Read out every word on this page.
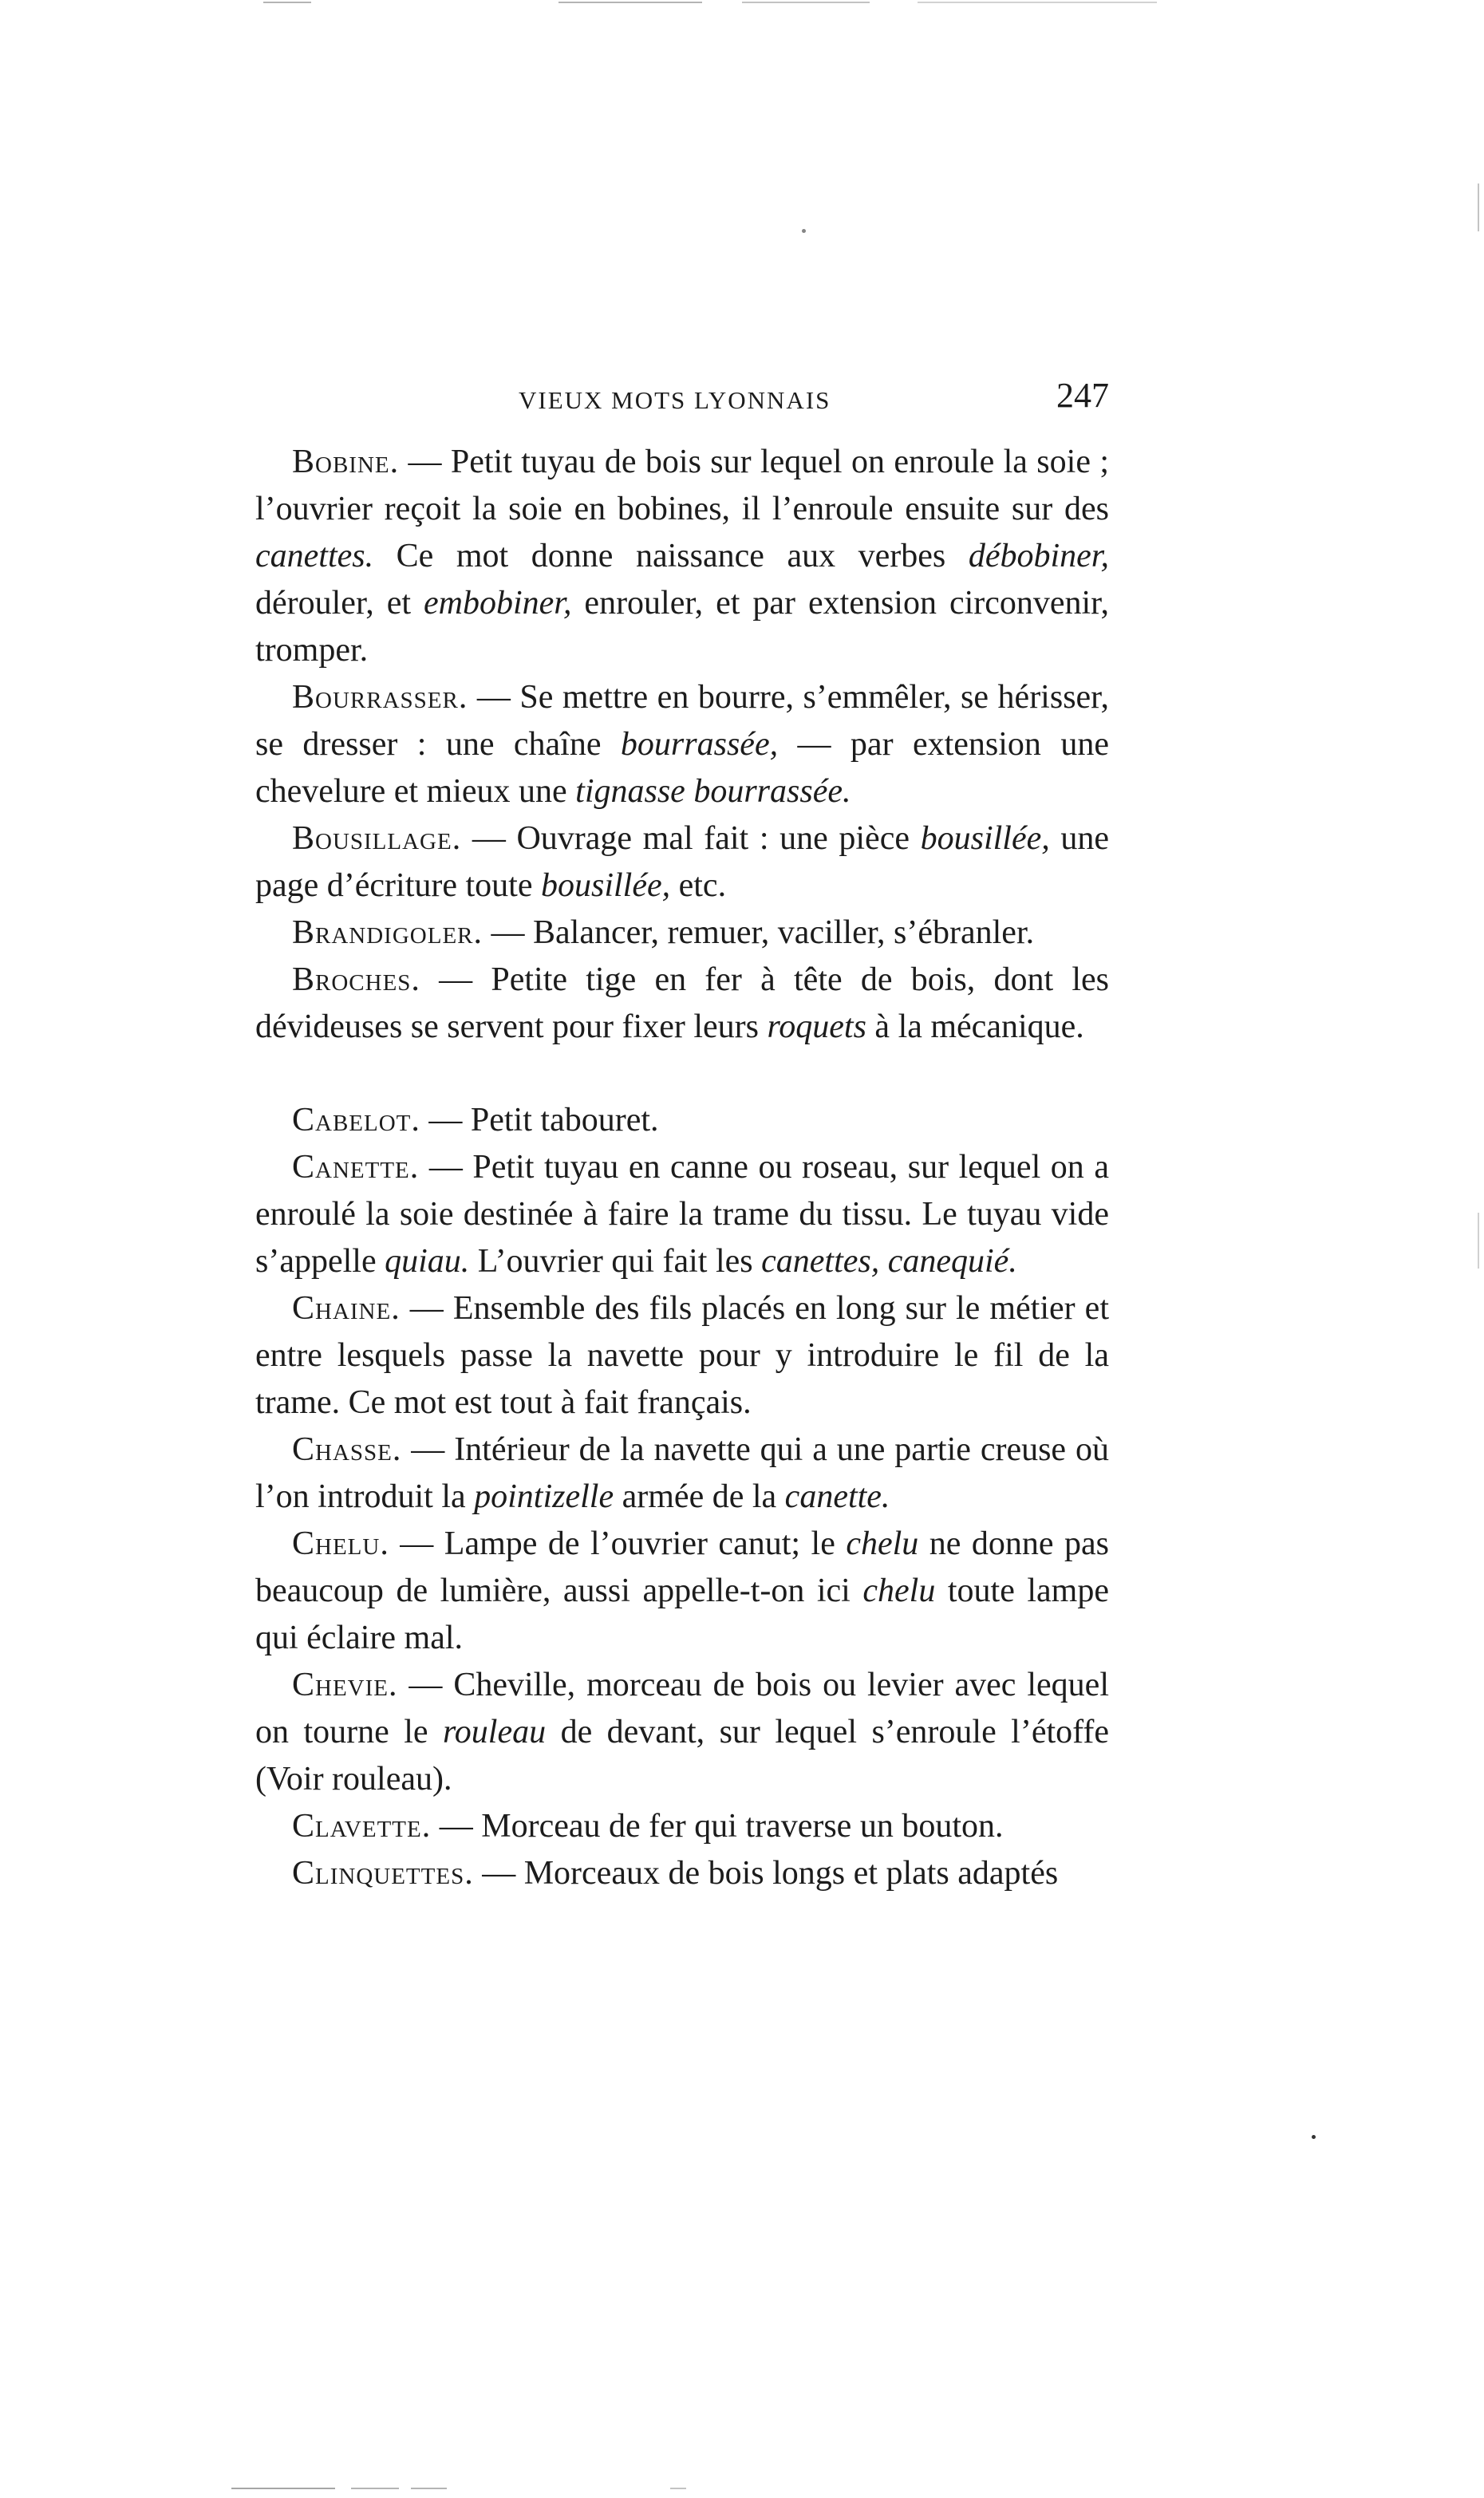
VIEUX MOTS LYONNAIS	247

Bobine. — Petit tuyau de bois sur lequel on enroule la soie ; l’ouvrier reçoit la soie en bobines, il l’enroule ensuite sur des canettes. Ce mot donne naissance aux verbes débobiner, dérouler, et embobiner, enrouler, et par extension circonvenir, tromper.

Bourrasser. — Se mettre en bourre, s’emmêler, se hérisser, se dresser : une chaîne bourrassée, — par extension une chevelure et mieux une tignasse bourrassée.

Bousillage. — Ouvrage mal fait : une pièce bousillée, une page d’écriture toute bousillée, etc.

Brandigoler. — Balancer, remuer, vaciller, s’ébranler.

Broches. — Petite tige en fer à tête de bois, dont les dévideuses se servent pour fixer leurs roquets à la mécanique.

Cabelot. — Petit tabouret.

Canette. — Petit tuyau en canne ou roseau, sur lequel on a enroulé la soie destinée à faire la trame du tissu. Le tuyau vide s’appelle quiau. L’ouvrier qui fait les canettes, canequié.

Chaine. — Ensemble des fils placés en long sur le métier et entre lesquels passe la navette pour y introduire le fil de la trame. Ce mot est tout à fait français.

Chasse. — Intérieur de la navette qui a une partie creuse où l’on introduit la pointizelle armée de la canette.

Chelu. — Lampe de l’ouvrier canut; le chelu ne donne pas beaucoup de lumière, aussi appelle-t-on ici chelu toute lampe qui éclaire mal.

Chevie. — Cheville, morceau de bois ou levier avec lequel on tourne le rouleau de devant, sur lequel s’enroule l’étoffe (Voir rouleau).

Clavette. — Morceau de fer qui traverse un bouton.

Clinquettes. — Morceaux de bois longs et plats adaptés
